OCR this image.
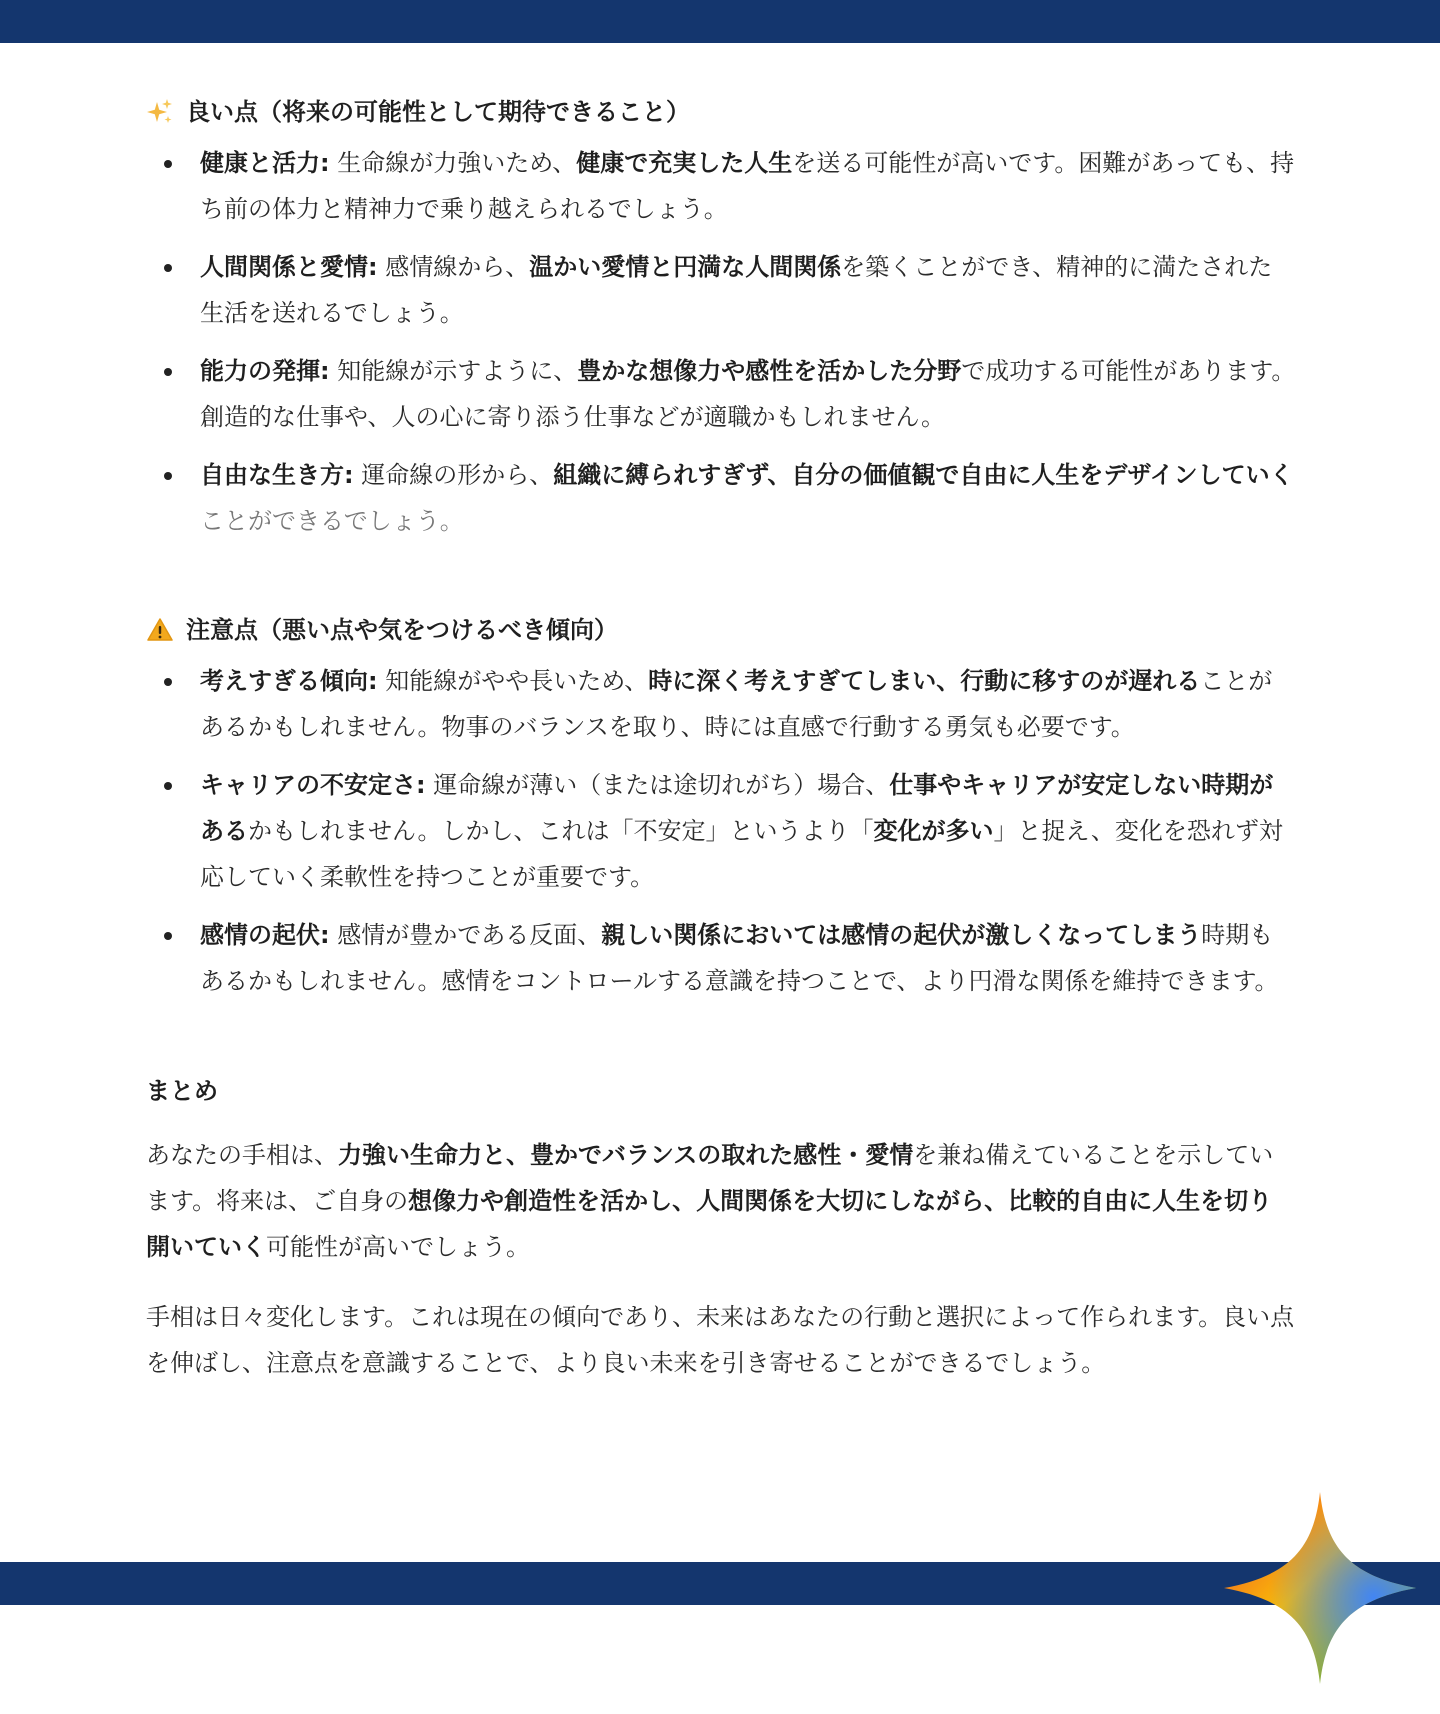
良い点（将来の可能性として期待できること）
健康と活力: 生命線が力強いため、健康で充実した人生を送る可能性が高いです。困難があっても、持ち前の体力と精神力で乗り越えられるでしょう。
人間関係と愛情: 感情線から、温かい愛情と円満な人間関係を築くことができ、精神的に満たされた生活を送れるでしょう。
能力の発揮: 知能線が示すように、豊かな想像力や感性を活かした分野で成功する可能性があります。創造的な仕事や、人の心に寄り添う仕事などが適職かもしれません。
自由な生き方: 運命線の形から、組織に縛られすぎず、自分の価値観で自由に人生をデザインしていくことができるでしょう。
注意点（悪い点や気をつけるべき傾向）
考えすぎる傾向: 知能線がやや長いため、時に深く考えすぎてしまい、行動に移すのが遅れることがあるかもしれません。物事のバランスを取り、時には直感で行動する勇気も必要です。
キャリアの不安定さ: 運命線が薄い（または途切れがち）場合、仕事やキャリアが安定しない時期があるかもしれません。しかし、これは「不安定」というより「変化が多い」と捉え、変化を恐れず対応していく柔軟性を持つことが重要です。
感情の起伏: 感情が豊かである反面、親しい関係においては感情の起伏が激しくなってしまう時期もあるかもしれません。感情をコントロールする意識を持つことで、より円滑な関係を維持できます。
まとめ

あなたの手相は、力強い生命力と、豊かでバランスの取れた感性・愛情を兼ね備えていることを示しています。将来は、ご自身の想像力や創造性を活かし、人間関係を大切にしながら、比較的自由に人生を切り開いていく可能性が高いでしょう。

手相は日々変化します。これは現在の傾向であり、未来はあなたの行動と選択によって作られます。良い点を伸ばし、注意点を意識することで、より良い未来を引き寄せることができるでしょう。
